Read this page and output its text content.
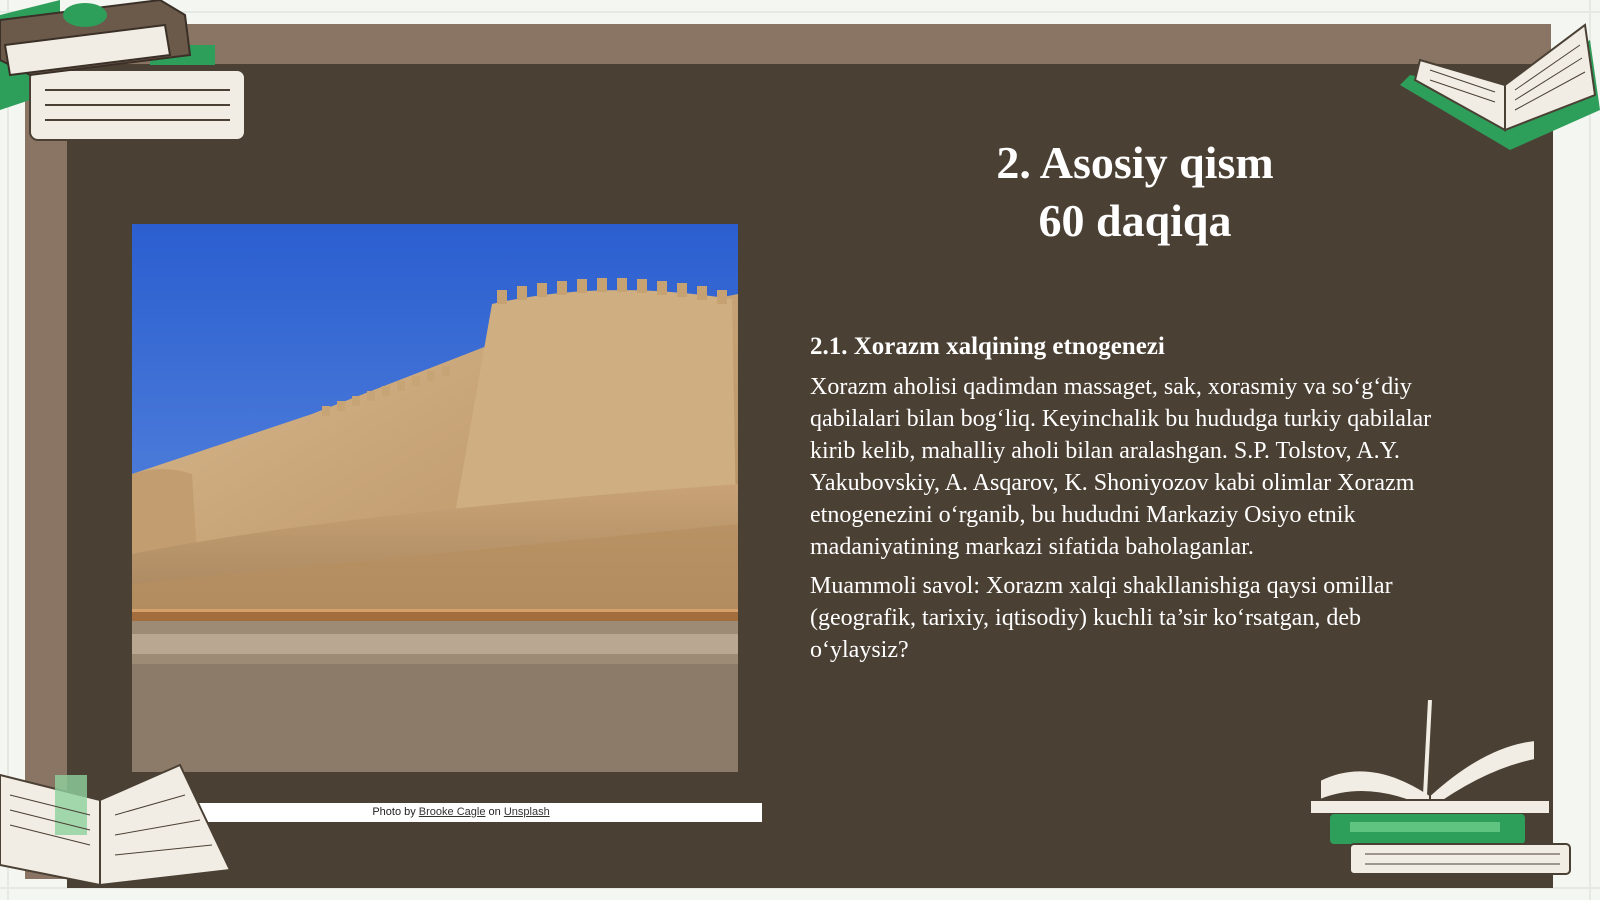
2. Asosiy qism
60 daqiqa
Photo by Brooke Cagle on Unsplash

2.1. Xorazm xalqining etnogenezi

Xorazm aholisi qadimdan massaget, sak, xorasmiy va so‘g‘diy qabilalari bilan bog‘liq. Keyinchalik bu hududga turkiy qabilalar kirib kelib, mahalliy aholi bilan aralashgan. S.P. Tolstov, A.Y. Yakubovskiy, A. Asqarov, K. Shoniyozov kabi olimlar Xorazm etnogenezini o‘rganib, bu hududni Markaziy Osiyo etnik madaniyatining markazi sifatida baholaganlar.

Muammoli savol: Xorazm xalqi shakllanishiga qaysi omillar (geografik, tarixiy, iqtisodiy) kuchli ta’sir ko‘rsatgan, deb o‘ylaysiz?
